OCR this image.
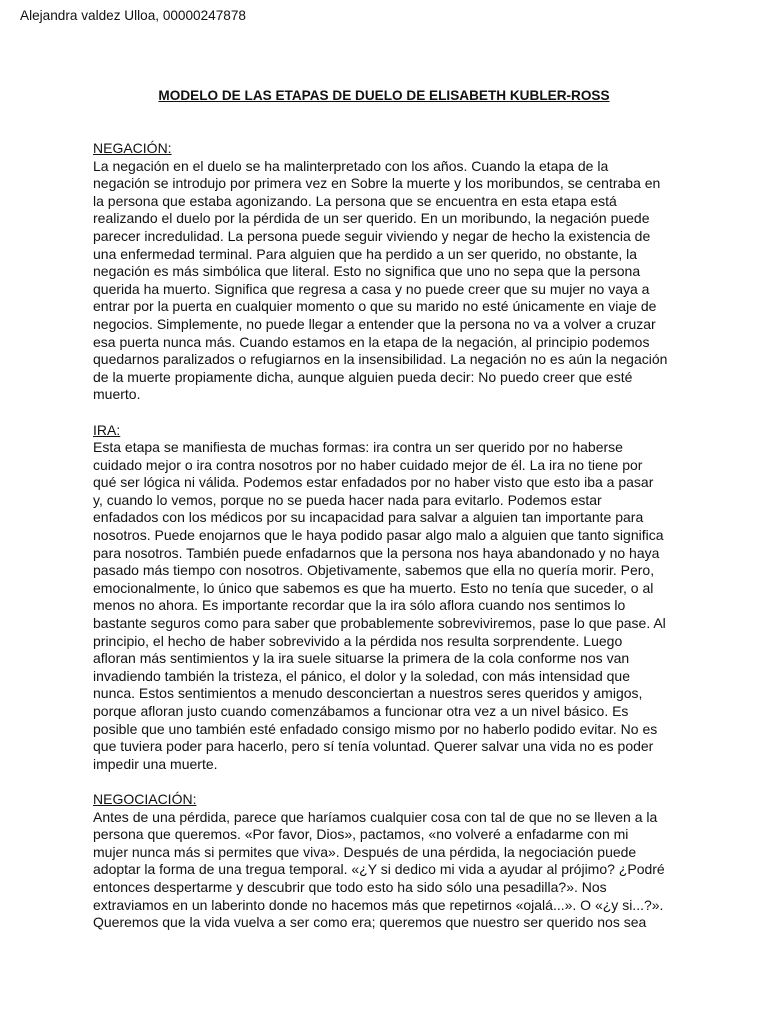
Alejandra valdez Ulloa, 00000247878
MODELO DE LAS ETAPAS DE DUELO DE ELISABETH KUBLER-ROSS
NEGACIÓN:
La negación en el duelo se ha malinterpretado con los años. Cuando la etapa de la
negación se introdujo por primera vez en Sobre la muerte y los moribundos, se centraba en
la persona que estaba agonizando. La persona que se encuentra en esta etapa está
realizando el duelo por la pérdida de un ser querido. En un moribundo, la negación puede
parecer incredulidad. La persona puede seguir viviendo y negar de hecho la existencia de
una enfermedad terminal. Para alguien que ha perdido a un ser querido, no obstante, la
negación es más simbólica que literal. Esto no significa que uno no sepa que la persona
querida ha muerto. Significa que regresa a casa y no puede creer que su mujer no vaya a
entrar por la puerta en cualquier momento o que su marido no esté únicamente en viaje de
negocios. Simplemente, no puede llegar a entender que la persona no va a volver a cruzar
esa puerta nunca más. Cuando estamos en la etapa de la negación, al principio podemos
quedarnos paralizados o refugiarnos en la insensibilidad. La negación no es aún la negación
de la muerte propiamente dicha, aunque alguien pueda decir: No puedo creer que esté
muerto.
IRA:
Esta etapa se manifiesta de muchas formas: ira contra un ser querido por no haberse
cuidado mejor o ira contra nosotros por no haber cuidado mejor de él. La ira no tiene por
qué ser lógica ni válida. Podemos estar enfadados por no haber visto que esto iba a pasar
y, cuando lo vemos, porque no se pueda hacer nada para evitarlo. Podemos estar
enfadados con los médicos por su incapacidad para salvar a alguien tan importante para
nosotros. Puede enojarnos que le haya podido pasar algo malo a alguien que tanto significa
para nosotros. También puede enfadarnos que la persona nos haya abandonado y no haya
pasado más tiempo con nosotros. Objetivamente, sabemos que ella no quería morir. Pero,
emocionalmente, lo único que sabemos es que ha muerto. Esto no tenía que suceder, o al
menos no ahora. Es importante recordar que la ira sólo aflora cuando nos sentimos lo
bastante seguros como para saber que probablemente sobreviviremos, pase lo que pase. Al
principio, el hecho de haber sobrevivido a la pérdida nos resulta sorprendente. Luego
afloran más sentimientos y la ira suele situarse la primera de la cola conforme nos van
invadiendo también la tristeza, el pánico, el dolor y la soledad, con más intensidad que
nunca. Estos sentimientos a menudo desconciertan a nuestros seres queridos y amigos,
porque afloran justo cuando comenzábamos a funcionar otra vez a un nivel básico. Es
posible que uno también esté enfadado consigo mismo por no haberlo podido evitar. No es
que tuviera poder para hacerlo, pero sí tenía voluntad. Querer salvar una vida no es poder
impedir una muerte.
NEGOCIACIÓN:
Antes de una pérdida, parece que haríamos cualquier cosa con tal de que no se lleven a la
persona que queremos. «Por favor, Dios», pactamos, «no volveré a enfadarme con mi
mujer nunca más si permites que viva». Después de una pérdida, la negociación puede
adoptar la forma de una tregua temporal. «¿Y si dedico mi vida a ayudar al prójimo? ¿Podré
entonces despertarme y descubrir que todo esto ha sido sólo una pesadilla?». Nos
extraviamos en un laberinto donde no hacemos más que repetirnos «ojalá...». O «¿y si...?».
Queremos que la vida vuelva a ser como era; queremos que nuestro ser querido nos sea
